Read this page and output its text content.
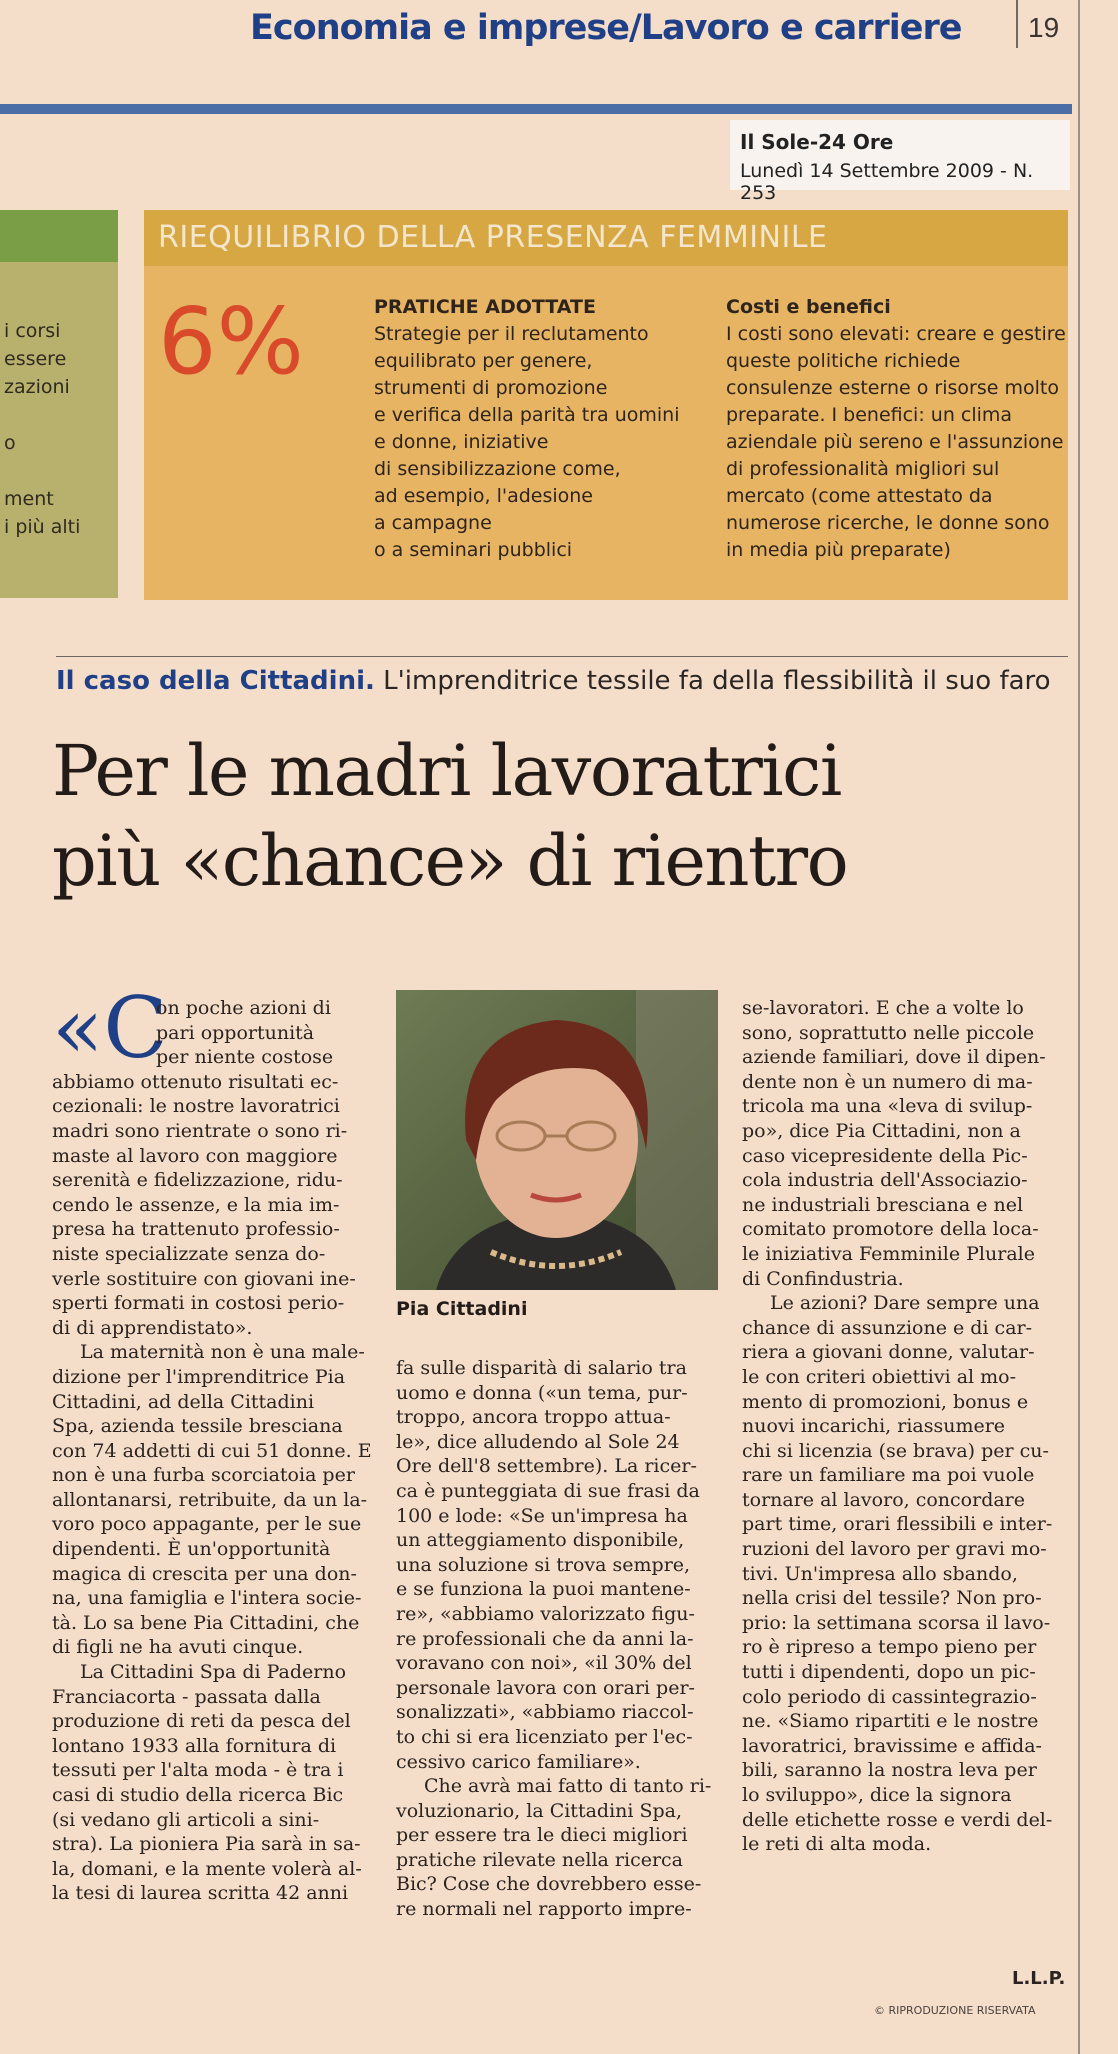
Economia e imprese/Lavoro e carriere	19
Il Sole-24 Ore
Lunedì 14 Settembre 2009 - N. 253
i corsi
essere
zazioni
o
ment
i più alti
RIEQUILIBRIO DELLA PRESENZA FEMMINILE
6%	PRATICHE ADOTTATE
Strategie per il reclutamento
equilibrato per genere,
strumenti di promozione
e verifica della parità tra uomini
e donne, iniziative
di sensibilizzazione come,
ad esempio, l'adesione
a campagne
o a seminari pubblici
Costi e benefici
I costi sono elevati: creare e gestire
queste politiche richiede
consulenze esterne o risorse molto
preparate. I benefici: un clima
aziendale più sereno e l'assunzione
di professionalità migliori sul
mercato (come attestato da
numerose ricerche, le donne sono
in media più preparate)
Il caso della Cittadini. L'imprenditrice tessile fa della flessibilità il suo faro
Per le madri lavoratrici
più «chance» di rientro
«C
on poche azioni di
pari opportunità
per niente costose
abbiamo ottenuto risultati ec-
cezionali: le nostre lavoratrici
madri sono rientrate o sono ri-
maste al lavoro con maggiore
serenità e fidelizzazione, ridu-
cendo le assenze, e la mia im-
presa ha trattenuto professio-
niste specializzate senza do-
verle sostituire con giovani ine-
sperti formati in costosi perio-
di di apprendistato».
La maternità non è una male-
dizione per l'imprenditrice Pia
Cittadini, ad della Cittadini
Spa, azienda tessile bresciana
con 74 addetti di cui 51 donne. E
non è una furba scorciatoia per
allontanarsi, retribuite, da un la-
voro poco appagante, per le sue
dipendenti. È un'opportunità
magica di crescita per una don-
na, una famiglia e l'intera socie-
tà. Lo sa bene Pia Cittadini, che
di figli ne ha avuti cinque.
La Cittadini Spa di Paderno
Franciacorta - passata dalla
produzione di reti da pesca del
lontano 1933 alla fornitura di
tessuti per l'alta moda - è tra i
casi di studio della ricerca Bic
(si vedano gli articoli a sini-
stra). La pioniera Pia sarà in sa-
la, domani, e la mente volerà al-
la tesi di laurea scritta 42 anni
Pia Cittadini
fa sulle disparità di salario tra
uomo e donna («un tema, pur-
troppo, ancora troppo attua-
le», dice alludendo al Sole 24
Ore dell'8 settembre). La ricer-
ca è punteggiata di sue frasi da
100 e lode: «Se un'impresa ha
un atteggiamento disponibile,
una soluzione si trova sempre,
e se funziona la puoi mantene-
re», «abbiamo valorizzato figu-
re professionali che da anni la-
voravano con noi», «il 30% del
personale lavora con orari per-
sonalizzati», «abbiamo riaccol-
to chi si era licenziato per l'ec-
cessivo carico familiare».
Che avrà mai fatto di tanto ri-
voluzionario, la Cittadini Spa,
per essere tra le dieci migliori
pratiche rilevate nella ricerca
Bic? Cose che dovrebbero esse-
re normali nel rapporto impre-
se-lavoratori. E che a volte lo
sono, soprattutto nelle piccole
aziende familiari, dove il dipen-
dente non è un numero di ma-
tricola ma una «leva di svilup-
po», dice Pia Cittadini, non a
caso vicepresidente della Pic-
cola industria dell'Associazio-
ne industriali bresciana e nel
comitato promotore della loca-
le iniziativa Femminile Plurale
di Confindustria.
Le azioni? Dare sempre una
chance di assunzione e di car-
riera a giovani donne, valutar-
le con criteri obiettivi al mo-
mento di promozioni, bonus e
nuovi incarichi, riassumere
chi si licenzia (se brava) per cu-
rare un familiare ma poi vuole
tornare al lavoro, concordare
part time, orari flessibili e inter-
ruzioni del lavoro per gravi mo-
tivi. Un'impresa allo sbando,
nella crisi del tessile? Non pro-
prio: la settimana scorsa il lavo-
ro è ripreso a tempo pieno per
tutti i dipendenti, dopo un pic-
colo periodo di cassintegrazio-
ne. «Siamo ripartiti e le nostre
lavoratrici, bravissime e affida-
bili, saranno la nostra leva per
lo sviluppo», dice la signora
delle etichette rosse e verdi del-
le reti di alta moda.
L.L.P.
© RIPRODUZIONE RISERVATA
